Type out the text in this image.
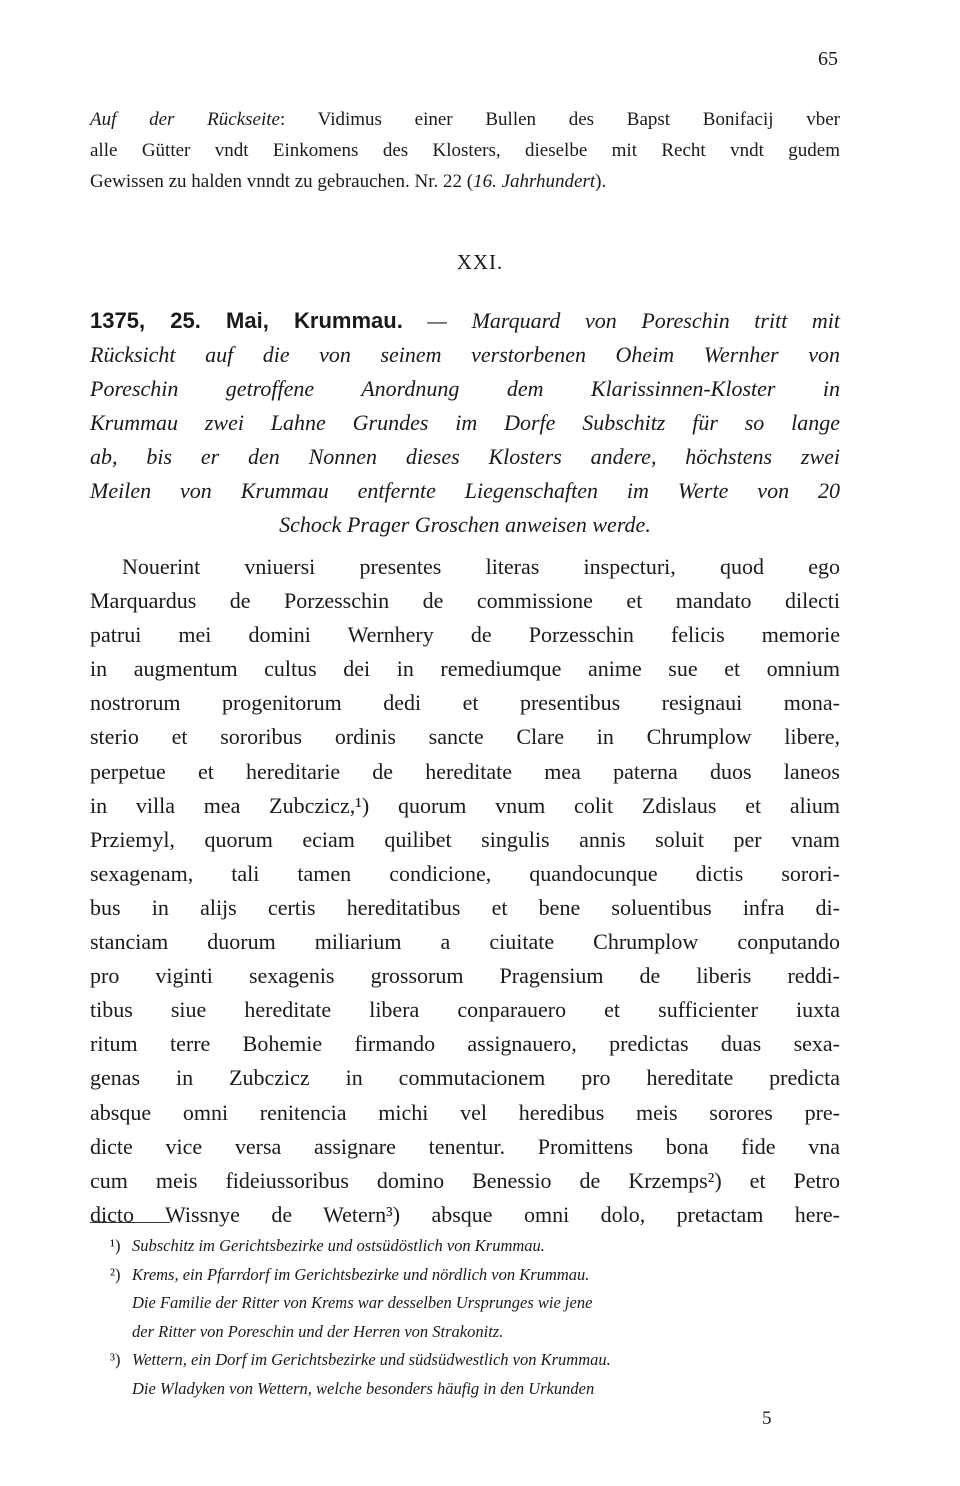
65
Auf der Rückseite: Vidimus einer Bullen des Bapst Bonifacij vber
alle Gütter vndt Einkomens des Klosters, dieselbe mit Recht vndt gudem
Gewissen zu halden vnndt zu gebrauchen. Nr. 22 (16. Jahrhundert).
XXI.
1375, 25. Mai, Krummau. — Marquard von Poreschin tritt mit
Rücksicht auf die von seinem verstorbenen Oheim Wernher von
Poreschin getroffene Anordnung dem Klarissinnen-Kloster in
Krummau zwei Lahne Grundes im Dorfe Subschitz für so lange
ab, bis er den Nonnen dieses Klosters andere, höchstens zwei
Meilen von Krummau entfernte Liegenschaften im Werte von 20
Schock Prager Groschen anweisen werde.
Nouerint vniuersi presentes literas inspecturi, quod ego
Marquardus de Porzesschin de commissione et mandato dilecti
patrui mei domini Wernhery de Porzesschin felicis memorie
in augmentum cultus dei in remediumque anime sue et omnium
nostrorum progenitorum dedi et presentibus resignaui mona-
sterio et sororibus ordinis sancte Clare in Chrumplow libere,
perpetue et hereditarie de hereditate mea paterna duos laneos
in villa mea Zubczicz,¹) quorum vnum colit Zdislaus et alium
Prziemyl, quorum eciam quilibet singulis annis soluit per vnam
sexagenam, tali tamen condicione, quandocunque dictis sorori-
bus in alijs certis hereditatibus et bene soluentibus infra di-
stanciam duorum miliarium a ciuitate Chrumplow conputando
pro viginti sexagenis grossorum Pragensium de liberis reddi-
tibus siue hereditate libera conparauero et sufficienter iuxta
ritum terre Bohemie firmando assignauero, predictas duas sexa-
genas in Zubczicz in commutacionem pro hereditate predicta
absque omni renitencia michi vel heredibus meis sorores pre-
dicte vice versa assignare tenentur. Promittens bona fide vna
cum meis fideiussoribus domino Benessio de Krzemps²) et Petro
dicto Wissnye de Wetern³) absque omni dolo, pretactam here-
¹) Subschitz im Gerichtsbezirke und ostsüdöstlich von Krummau.
²) Krems, ein Pfarrdorf im Gerichtsbezirke und nördlich von Krummau.
Die Familie der Ritter von Krems war desselben Ursprunges wie jene
der Ritter von Poreschin und der Herren von Strakonitz.
³) Wettern, ein Dorf im Gerichtsbezirke und südsüdwestlich von Krummau.
Die Wladyken von Wettern, welche besonders häufig in den Urkunden
5
